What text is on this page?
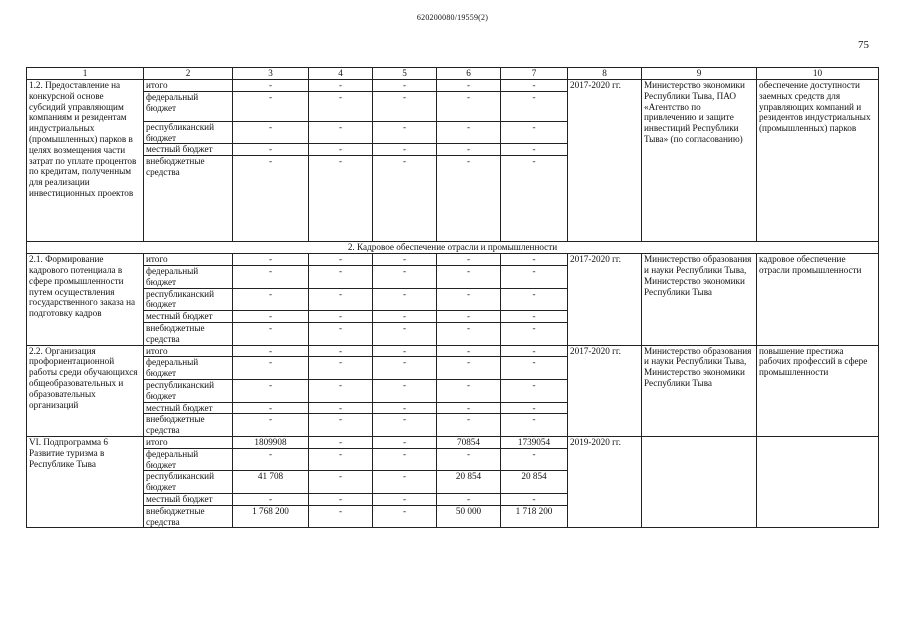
620200080/19559(2)
75
1	2	3	4	5	6	7	8	9	10
1.2. Предоставление на конкурсной основе субсидий управляющим компаниям и резидентам индустриальных (промышленных) парков в целях возмещения части затрат по уплате процентов по кредитам, полученным для реализации инвестиционных проектов	итого	-	-	-	-	-	2017-2020 гг.	Министерство экономики Республики Тыва, ПАО «Агентство по привлечению и защите инвестиций Республики Тыва» (по согласованию)	обеспечение доступности заемных средств для управляющих компаний и резидентов индустриальных (промышленных) парков
	федеральный бюджет	-	-	-	-	-			
	республиканский бюджет	-	-	-	-	-			
	местный бюджет	-	-	-	-	-			
	внебюджетные средства	-	-	-	-	-			
2. Кадровое обеспечение отрасли и промышленности									
2.1. Формирование кадрового потенциала в сфере промышленности путем осуществления государственного заказа на подготовку кадров	итого	-	-	-	-	-	2017-2020 гг.	Министерство образования и науки Республики Тыва, Министерство экономики Республики Тыва	кадровое обеспечение отрасли промышленности
	федеральный бюджет	-	-	-	-	-			
	республиканский бюджет	-	-	-	-	-			
	местный бюджет	-	-	-	-	-			
	внебюджетные средства	-	-	-	-	-			
2.2. Организация профориентационной работы среди обучающихся общеобразовательных и образовательных организаций	итого	-	-	-	-	-	2017-2020 гг.	Министерство образования и науки Республики Тыва, Министерство экономики Республики Тыва	повышение престижа рабочих профессий в сфере промышленности
	федеральный бюджет	-	-	-	-	-			
	республиканский бюджет	-	-	-	-	-			
	местный бюджет	-	-	-	-	-			
	внебюджетные средства	-	-	-	-	-			
VI. Подпрограмма 6 Развитие туризма в Республике Тыва	итого	1809908	-	-	70854	1739054	2019-2020 гг.		
	федеральный бюджет	-	-	-	-	-			
	республиканский бюджет	41 708	-	-	20 854	20 854			
	местный бюджет	-	-	-	-	-			
	внебюджетные средства	1 768 200	-	-	50 000	1 718 200			
